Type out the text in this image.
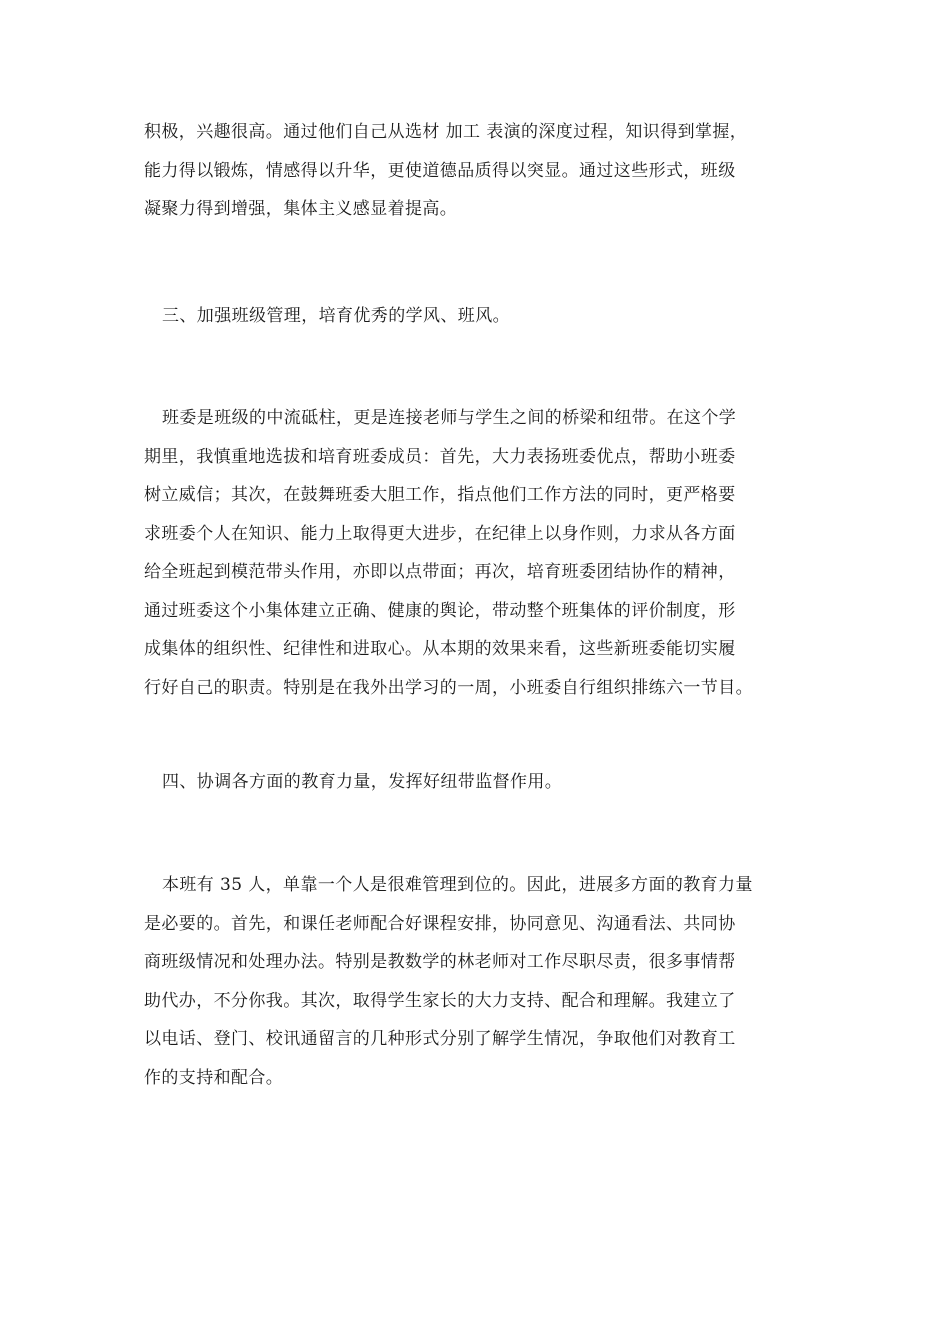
积极，兴趣很高。通过他们自己从选材 加工 表演的深度过程，知识得到掌握，
能力得以锻炼，情感得以升华，更使道德品质得以突显。通过这些形式，班级
凝聚力得到增强，集体主义感显着提高。
三、加强班级管理，培育优秀的学风、班风。
班委是班级的中流砥柱，更是连接老师与学生之间的桥梁和纽带。在这个学
期里，我慎重地选拔和培育班委成员：首先，大力表扬班委优点，帮助小班委
树立威信；其次，在鼓舞班委大胆工作，指点他们工作方法的同时，更严格要
求班委个人在知识、能力上取得更大进步，在纪律上以身作则，力求从各方面
给全班起到模范带头作用，亦即以点带面；再次，培育班委团结协作的精神，
通过班委这个小集体建立正确、健康的舆论，带动整个班集体的评价制度，形
成集体的组织性、纪律性和进取心。从本期的效果来看，这些新班委能切实履
行好自己的职责。特别是在我外出学习的一周，小班委自行组织排练六一节目。
四、协调各方面的教育力量，发挥好纽带监督作用。
本班有 35 人，单靠一个人是很难管理到位的。因此，进展多方面的教育力量
是必要的。首先，和课任老师配合好课程安排，协同意见、沟通看法、共同协
商班级情况和处理办法。特别是教数学的林老师对工作尽职尽责，很多事情帮
助代办，不分你我。其次，取得学生家长的大力支持、配合和理解。我建立了
以电话、登门、校讯通留言的几种形式分别了解学生情况，争取他们对教育工
作的支持和配合。
